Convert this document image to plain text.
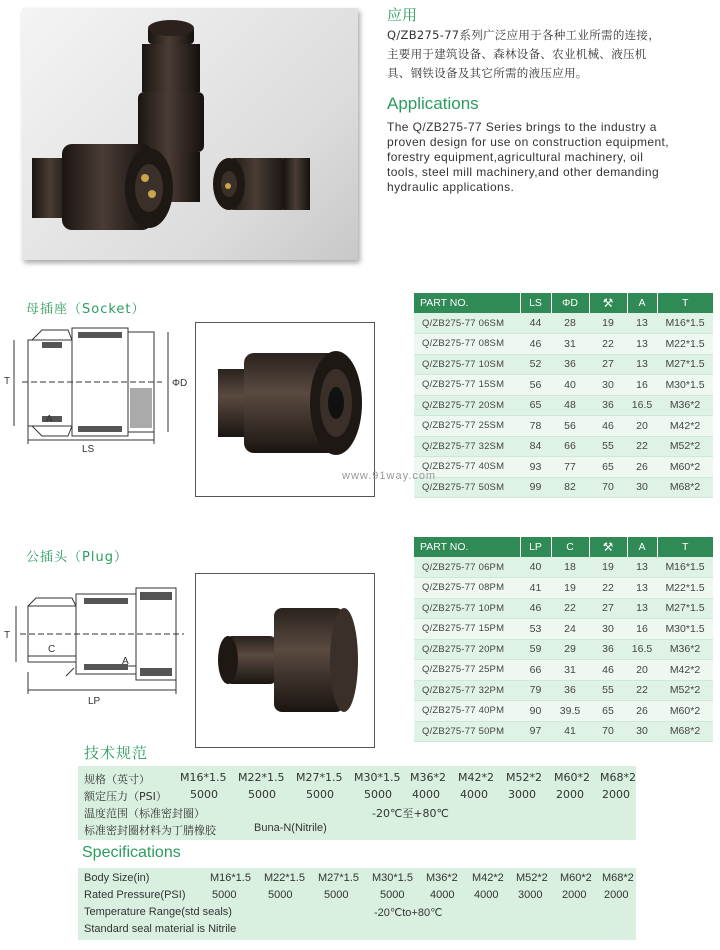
应用
Q/ZB275-77系列广泛应用于各种工业所需的连接，
主要用于建筑设备、森林设备、农业机械、液压机
具、钢铁设备及其它所需的液压应用。
Applications
The Q/ZB275-77 Series brings to the industry a
proven design for use on construction equipment,
forestry equipment,agricultural machinery, oil
tools, steel mill machinery,and other demanding
hydraulic applications.
母插座（Socket）
T
A
LS
ΦD
PART NO.	LS	ΦD	⚒	A	T
Q/ZB275-77 06SM	44	28	19	13	M16*1.5
Q/ZB275-77 08SM	46	31	22	13	M22*1.5
Q/ZB275-77 10SM	52	36	27	13	M27*1.5
Q/ZB275-77 15SM	56	40	30	16	M30*1.5
Q/ZB275-77 20SM	65	48	36	16.5	M36*2
Q/ZB275-77 25SM	78	56	46	20	M42*2
Q/ZB275-77 32SM	84	66	55	22	M52*2
Q/ZB275-77 40SM	93	77	65	26	M60*2
Q/ZB275-77 50SM	99	82	70	30	M68*2
www.91way.com
公插头（Plug）
T
C
A
LP
PART NO.	LP	C	⚒	A	T
Q/ZB275-77 06PM	40	18	19	13	M16*1.5
Q/ZB275-77 08PM	41	19	22	13	M22*1.5
Q/ZB275-77 10PM	46	22	27	13	M27*1.5
Q/ZB275-77 15PM	53	24	30	16	M30*1.5
Q/ZB275-77 20PM	59	29	36	16.5	M36*2
Q/ZB275-77 25PM	66	31	46	20	M42*2
Q/ZB275-77 32PM	79	36	55	22	M52*2
Q/ZB275-77 40PM	90	39.5	65	26	M60*2
Q/ZB275-77 50PM	97	41	70	30	M68*2
技术规范
规格（英寸）	M16*1.5 M22*1.5 M27*1.5 M30*1.5 M36*2 M42*2 M52*2 M60*2 M68*2
额定压力（PSI） 5000	5000	5000	5000 4000 4000 3000 2000 2000
温度范围（标准密封圈）	-20℃至+80℃
标准密封圈材料为丁腈橡胶	Buna-N(Nitrile)
Specifications
Body Size(in)	M16*1.5 M22*1.5 M27*1.5 M30*1.5 M36*2 M42*2 M52*2 M60*2 M68*2
Rated Pressure(PSI) 5000	5000	5000	5000 4000 4000 3000 2000 2000
Temperature Range(std seals)	-20℃to+80℃
Standard seal material is Nitrile
